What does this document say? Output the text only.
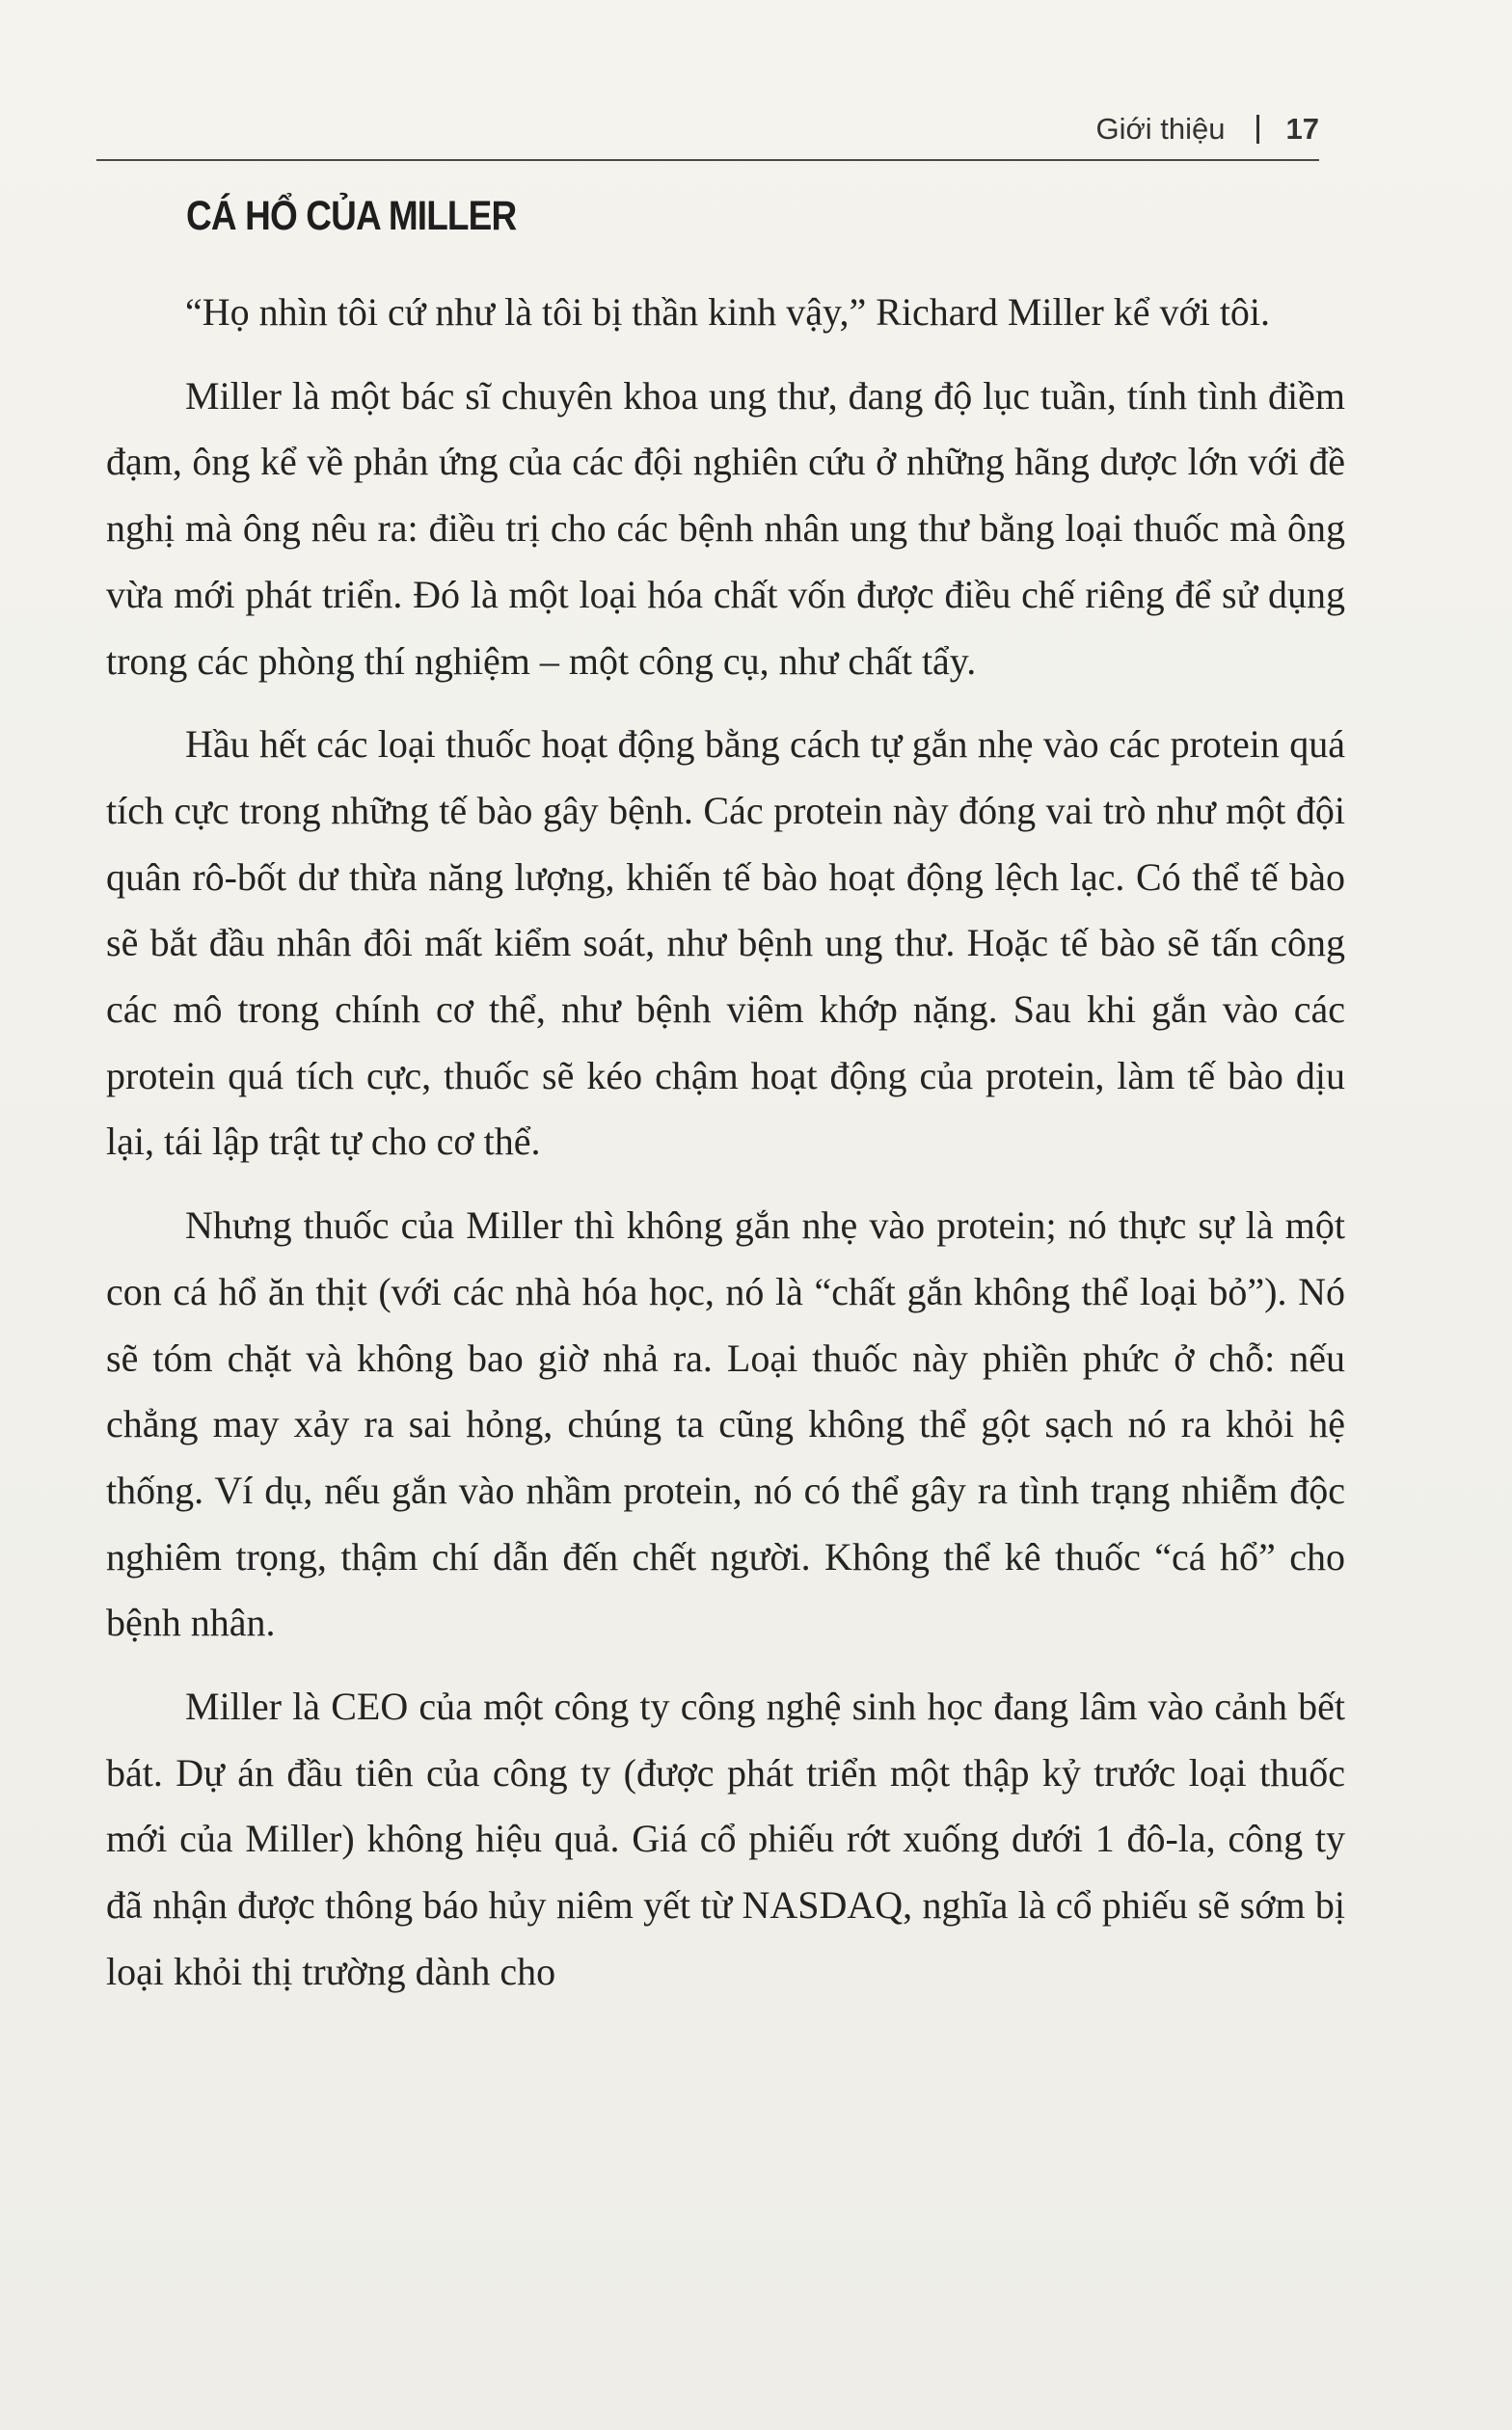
Giới thiệu 17
CÁ HỔ CỦA MILLER

“Họ nhìn tôi cứ như là tôi bị thần kinh vậy,” Richard Miller kể với tôi.

Miller là một bác sĩ chuyên khoa ung thư, đang độ lục tuần, tính tình điềm đạm, ông kể về phản ứng của các đội nghiên cứu ở những hãng dược lớn với đề nghị mà ông nêu ra: điều trị cho các bệnh nhân ung thư bằng loại thuốc mà ông vừa mới phát triển. Đó là một loại hóa chất vốn được điều chế riêng để sử dụng trong các phòng thí nghiệm – một công cụ, như chất tẩy.

Hầu hết các loại thuốc hoạt động bằng cách tự gắn nhẹ vào các protein quá tích cực trong những tế bào gây bệnh. Các protein này đóng vai trò như một đội quân rô-bốt dư thừa năng lượng, khiến tế bào hoạt động lệch lạc. Có thể tế bào sẽ bắt đầu nhân đôi mất kiểm soát, như bệnh ung thư. Hoặc tế bào sẽ tấn công các mô trong chính cơ thể, như bệnh viêm khớp nặng. Sau khi gắn vào các protein quá tích cực, thuốc sẽ kéo chậm hoạt động của protein, làm tế bào dịu lại, tái lập trật tự cho cơ thể.

Nhưng thuốc của Miller thì không gắn nhẹ vào protein; nó thực sự là một con cá hổ ăn thịt (với các nhà hóa học, nó là “chất gắn không thể loại bỏ”). Nó sẽ tóm chặt và không bao giờ nhả ra. Loại thuốc này phiền phức ở chỗ: nếu chẳng may xảy ra sai hỏng, chúng ta cũng không thể gột sạch nó ra khỏi hệ thống. Ví dụ, nếu gắn vào nhầm protein, nó có thể gây ra tình trạng nhiễm độc nghiêm trọng, thậm chí dẫn đến chết người. Không thể kê thuốc “cá hổ” cho bệnh nhân.

Miller là CEO của một công ty công nghệ sinh học đang lâm vào cảnh bết bát. Dự án đầu tiên của công ty (được phát triển một thập kỷ trước loại thuốc mới của Miller) không hiệu quả. Giá cổ phiếu rớt xuống dưới 1 đô-la, công ty đã nhận được thông báo hủy niêm yết từ NASDAQ, nghĩa là cổ phiếu sẽ sớm bị loại khỏi thị trường dành cho
